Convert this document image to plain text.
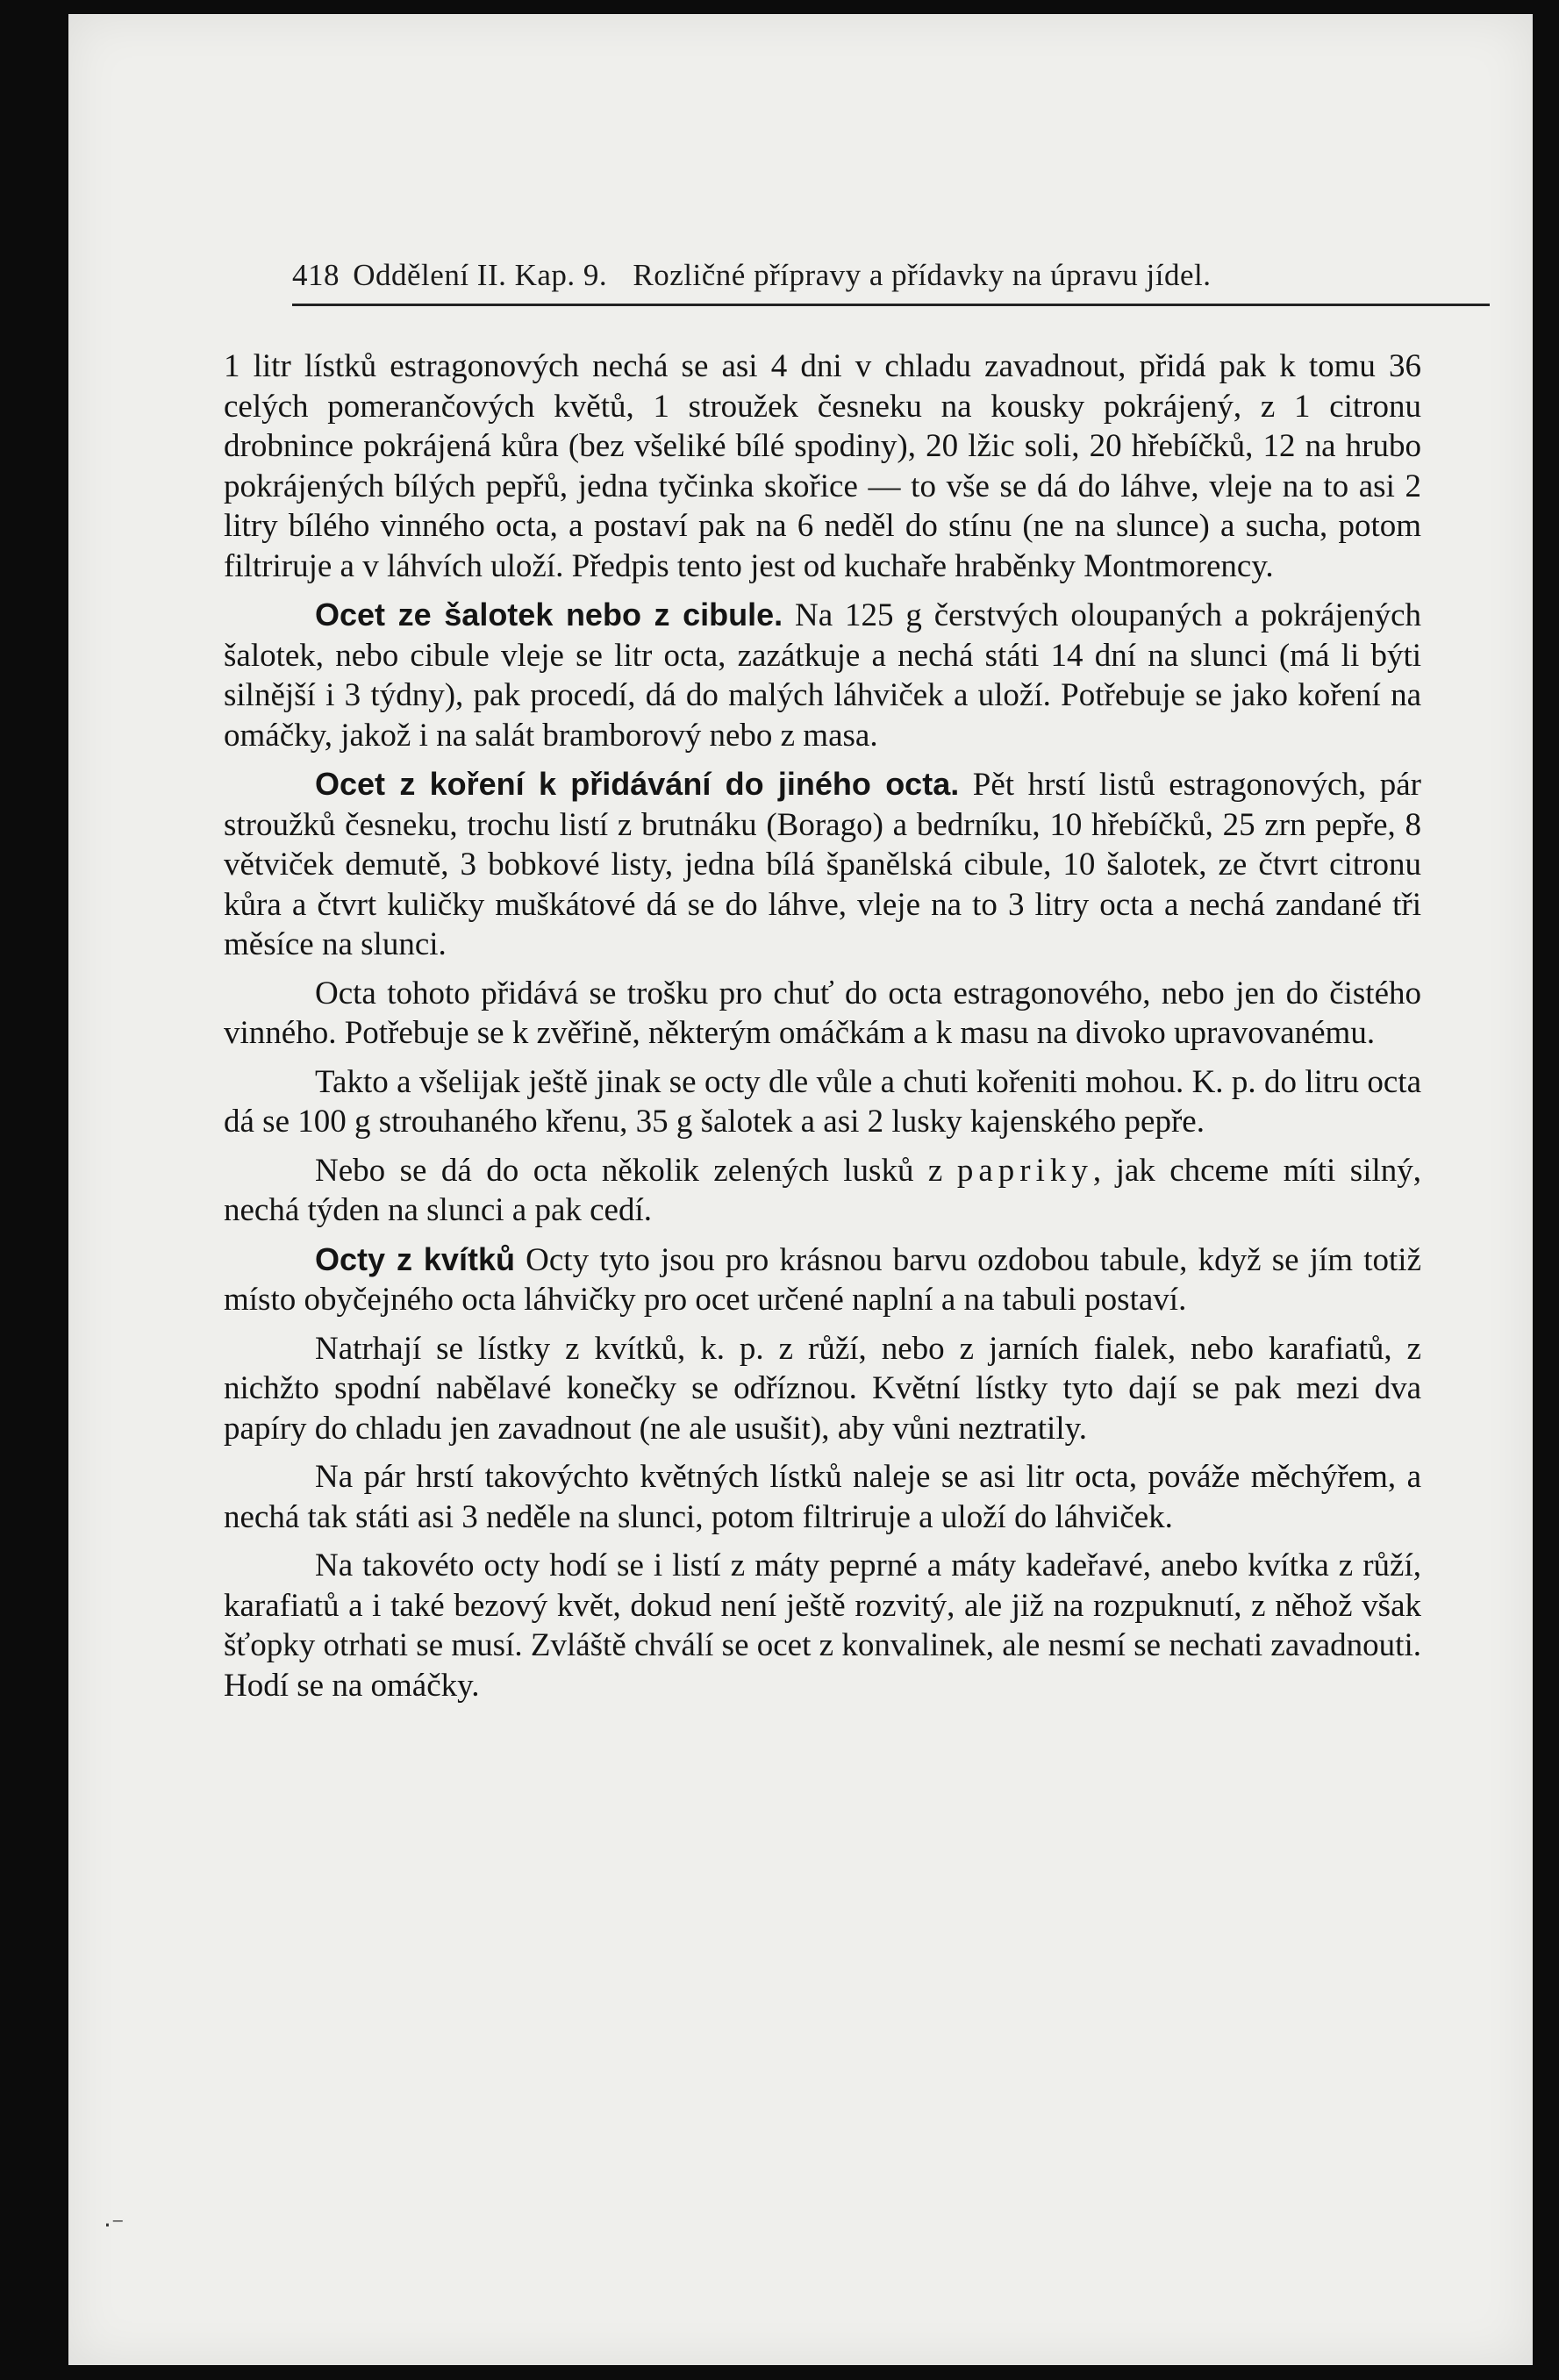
418 Oddělení II. Kap. 9. Rozličné přípravy a přídavky na úpravu jídel.

1 litr lístků estragonových nechá se asi 4 dni v chladu zavadnout, přidá pak k tomu 36 celých pomerančových květů, 1 stroužek česneku na kousky pokrájený, z 1 citronu drobnince pokrájená kůra (bez všeliké bílé spodiny), 20 lžic soli, 20 hřebíčků, 12 na hrubo pokrájených bílých pepřů, jedna tyčinka skořice — to vše se dá do láhve, vleje na to asi 2 litry bílého vinného octa, a postaví pak na 6 neděl do stínu (ne na slunce) a sucha, potom filtriruje a v láhvích uloží. Předpis tento jest od kuchaře hraběnky Montmorency.

Ocet ze šalotek nebo z cibule. Na 125 g čerstvých oloupaných a pokrájených šalotek, nebo cibule vleje se litr octa, zazátkuje a nechá státi 14 dní na slunci (má li býti silnější i 3 týdny), pak procedí, dá do malých láhviček a uloží. Potřebuje se jako koření na omáčky, jakož i na salát bramborový nebo z masa.

Ocet z koření k přidávání do jiného octa. Pět hrstí listů estragonových, pár stroužků česneku, trochu listí z brutnáku (Borago) a bedrníku, 10 hřebíčků, 25 zrn pepře, 8 větviček demutě, 3 bobkové listy, jedna bílá španělská cibule, 10 šalotek, ze čtvrt citronu kůra a čtvrt kuličky muškátové dá se do láhve, vleje na to 3 litry octa a nechá zandané tři měsíce na slunci.

Octa tohoto přidává se trošku pro chuť do octa estragonového, nebo jen do čistého vinného. Potřebuje se k zvěřině, některým omáčkám a k masu na divoko upravovanému.

Takto a všelijak ještě jinak se octy dle vůle a chuti kořeniti mohou. K. p. do litru octa dá se 100 g strouhaného křenu, 35 g šalotek a asi 2 lusky kajenského pepře.

Nebo se dá do octa několik zelených lusků z papriky, jak chceme míti silný, nechá týden na slunci a pak cedí.

Octy z kvítků Octy tyto jsou pro krásnou barvu ozdobou tabule, když se jím totiž místo obyčejného octa láhvičky pro ocet určené naplní a na tabuli postaví.

Natrhají se lístky z kvítků, k. p. z růží, nebo z jarních fialek, nebo karafiatů, z nichžto spodní nabělavé konečky se odříznou. Květní lístky tyto dají se pak mezi dva papíry do chladu jen zavadnout (ne ale usušit), aby vůni neztratily.

Na pár hrstí takovýchto květných lístků naleje se asi litr octa, pováže měchýřem, a nechá tak státi asi 3 neděle na slunci, potom filtriruje a uloží do láhviček.

Na takovéto octy hodí se i listí z máty peprné a máty kadeřavé, anebo kvítka z růží, karafiatů a i také bezový květ, dokud není ještě rozvitý, ale již na rozpuknutí, z něhož však šťopky otrhati se musí. Zvláště chválí se ocet z konvalinek, ale nesmí se nechati zavadnouti. Hodí se na omáčky.

·⁻
